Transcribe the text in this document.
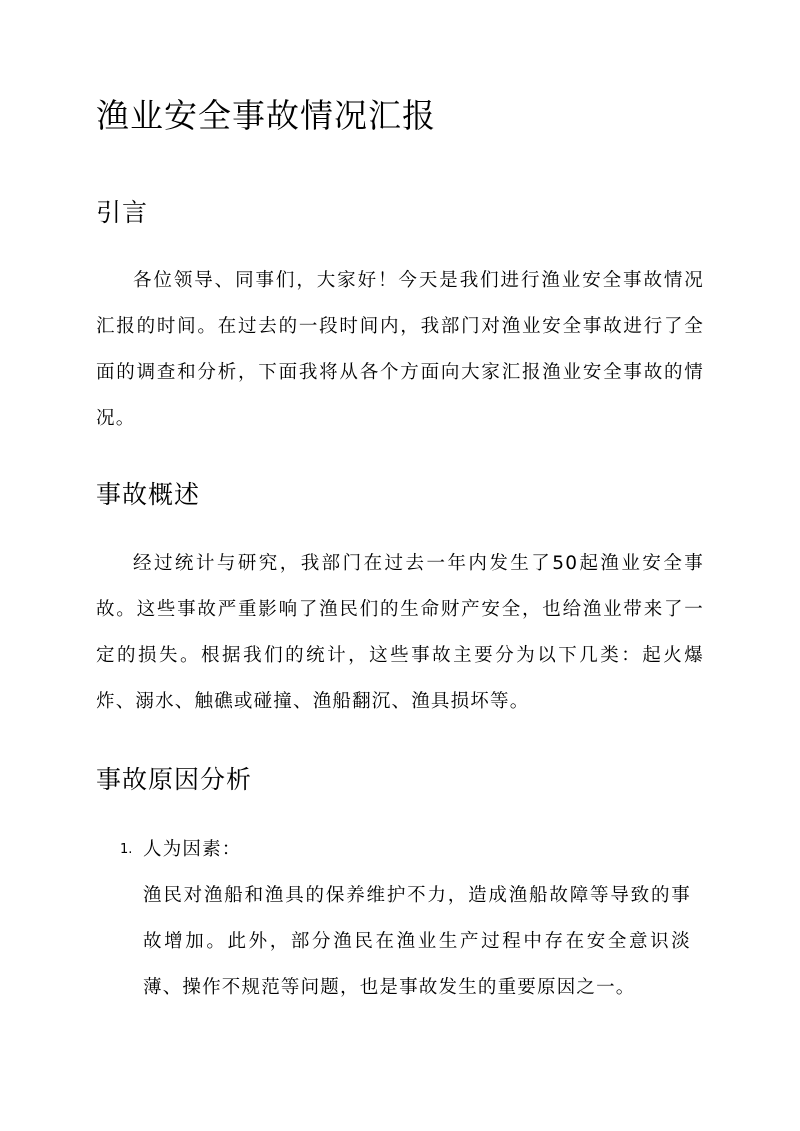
渔业安全事故情况汇报
引言

各位领导、同事们，大家好！今天是我们进行渔业安全事故情况汇报的时间。在过去的一段时间内，我部门对渔业安全事故进行了全面的调查和分析，下面我将从各个方面向大家汇报渔业安全事故的情况。

事故概述

经过统计与研究，我部门在过去一年内发生了50起渔业安全事故。这些事故严重影响了渔民们的生命财产安全，也给渔业带来了一定的损失。根据我们的统计，这些事故主要分为以下几类：起火爆炸、溺水、触礁或碰撞、渔船翻沉、渔具损坏等。

事故原因分析
1. 人为因素：

渔民对渔船和渔具的保养维护不力，造成渔船故障等导致的事故增加。此外，部分渔民在渔业生产过程中存在安全意识淡薄、操作不规范等问题，也是事故发生的重要原因之一。
